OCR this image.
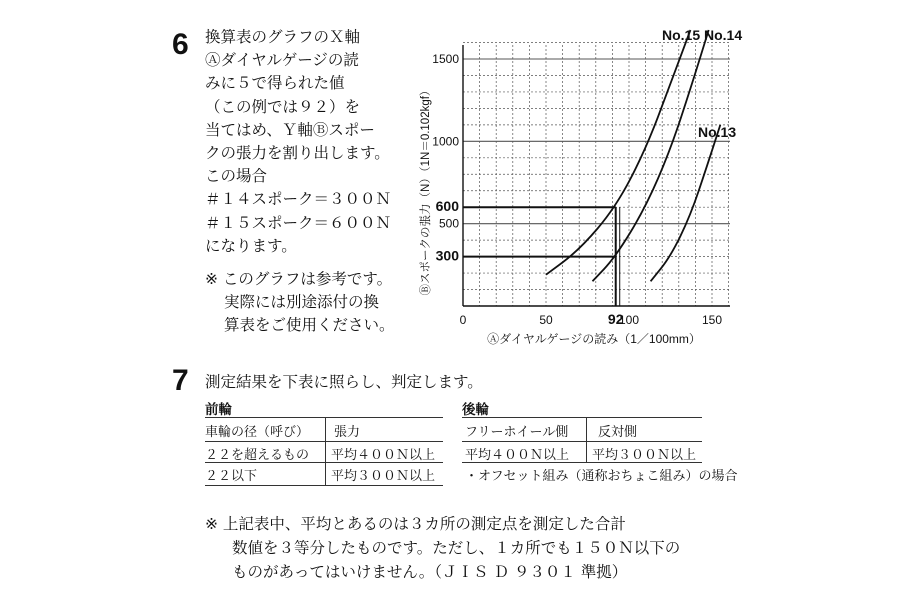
6 換算表のグラフのＸ軸
Ⓐダイヤルゲージの読
みに５で得られた値
（この例では９２）を
当てはめ、Ｙ軸Ⓑスポー
クの張力を割り出します。
この場合
＃１４スポーク＝３００Ｎ
＃１５スポーク＝６００Ｎ
になります。
※ このグラフは参考です。
実際には別途添付の換
算表をご使用ください。
No.15 No.14
No.13
0	50	92
100	150
1500
1000
600
500
300
Ⓐダイヤルゲージの読み（1／100mm）
Ⓑスポークの張力（N）（1N＝0.102kgf）
7 測定結果を下表に照らし、判定します。
前輪
車輪の径（呼び） 張力
２２を超えるもの 平均４００Ｎ以上
２２以下	平均３００Ｎ以上
後輪
フリーホイール側 反対側
平均４００Ｎ以上 平均３００Ｎ以上
・オフセット組み（通称おちょこ組み）の場合
※ 上記表中、平均とあるのは３カ所の測定点を測定した合計
数値を３等分したものです。ただし、１カ所でも１５０Ｎ以下の
ものがあってはいけません。（ＪＩＳ Ｄ ９３０１ 準拠）
